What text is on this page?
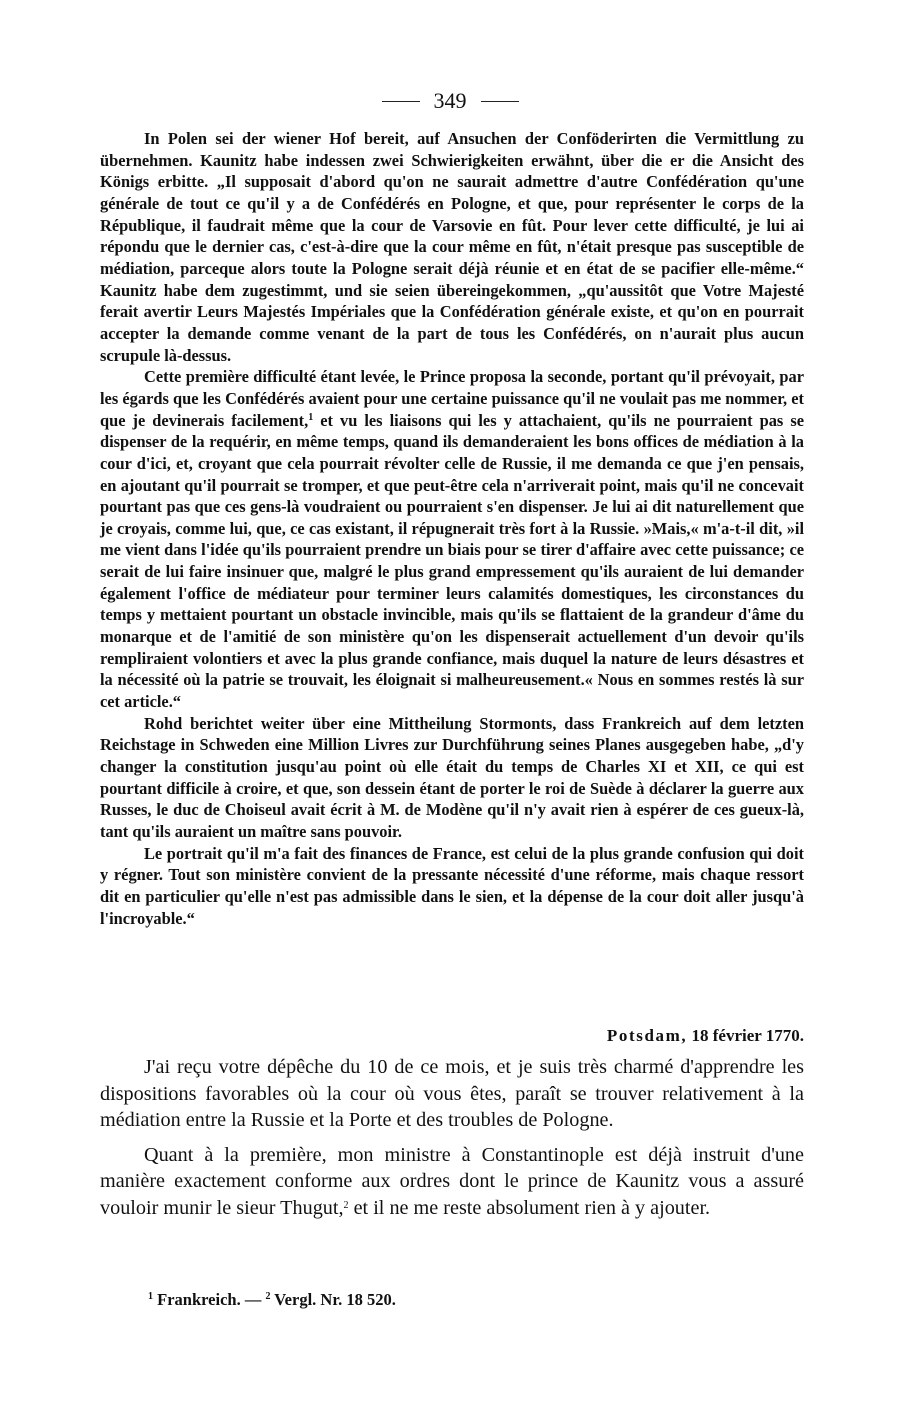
349

In Polen sei der wiener Hof bereit, auf Ansuchen der Conföderirten die Vermittlung zu übernehmen. Kaunitz habe indessen zwei Schwierigkeiten erwähnt, über die er die Ansicht des Königs erbitte. „Il supposait d'abord qu'on ne saurait admettre d'autre Confédération qu'une générale de tout ce qu'il y a de Confédérés en Pologne, et que, pour représenter le corps de la République, il faudrait même que la cour de Varsovie en fût. Pour lever cette difficulté, je lui ai répondu que le dernier cas, c'est-à-dire que la cour même en fût, n'était presque pas susceptible de médiation, parceque alors toute la Pologne serait déjà réunie et en état de se pacifier elle-même.“ Kaunitz habe dem zugestimmt, und sie seien übereingekommen, „qu'aussitôt que Votre Majesté ferait avertir Leurs Majestés Impériales que la Confédération générale existe, et qu'on en pourrait accepter la demande comme venant de la part de tous les Confédérés, on n'aurait plus aucun scrupule là-dessus.

Cette première difficulté étant levée, le Prince proposa la seconde, portant qu'il prévoyait, par les égards que les Confédérés avaient pour une certaine puissance qu'il ne voulait pas me nommer, et que je devinerais facilement,$^1$ et vu les liaisons qui les y attachaient, qu'ils ne pourraient pas se dispenser de la requérir, en même temps, quand ils demanderaient les bons offices de médiation à la cour d'ici, et, croyant que cela pourrait révolter celle de Russie, il me demanda ce que j'en pensais, en ajoutant qu'il pourrait se tromper, et que peut-être cela n'arriverait point, mais qu'il ne concevait pourtant pas que ces gens-là voudraient ou pourraient s'en dispenser. Je lui ai dit naturellement que je croyais, comme lui, que, ce cas existant, il répugnerait très fort à la Russie. »Mais,« m'a-t-il dit, »il me vient dans l'idée qu'ils pourraient prendre un biais pour se tirer d'affaire avec cette puissance; ce serait de lui faire insinuer que, malgré le plus grand empressement qu'ils auraient de lui demander également l'office de médiateur pour terminer leurs calamités domestiques, les circonstances du temps y mettaient pourtant un obstacle invincible, mais qu'ils se flattaient de la grandeur d'âme du monarque et de l'amitié de son ministère qu'on les dispenserait actuellement d'un devoir qu'ils rempliraient volontiers et avec la plus grande confiance, mais duquel la nature de leurs désastres et la nécessité où la patrie se trouvait, les éloignait si malheureusement.« Nous en sommes restés là sur cet article.“

Rohd berichtet weiter über eine Mittheilung Stormonts, dass Frankreich auf dem letzten Reichstage in Schweden eine Million Livres zur Durchführung seines Planes ausgegeben habe, „d'y changer la constitution jusqu'au point où elle était du temps de Charles XI et XII, ce qui est pourtant difficile à croire, et que, son dessein étant de porter le roi de Suède à déclarer la guerre aux Russes, le duc de Choiseul avait écrit à M. de Modène qu'il n'y avait rien à espérer de ces gueux-là, tant qu'ils auraient un maître sans pouvoir.

Le portrait qu'il m'a fait des finances de France, est celui de la plus grande confusion qui doit y régner. Tout son ministère convient de la pressante nécessité d'une réforme, mais chaque ressort dit en particulier qu'elle n'est pas admissible dans le sien, et la dépense de la cour doit aller jusqu'à l'incroyable.“

Potsdam, 18 février 1770.

J'ai reçu votre dépêche du 10 de ce mois, et je suis très charmé d'apprendre les dispositions favorables où la cour où vous êtes, paraît se trouver relativement à la médiation entre la Russie et la Porte et des troubles de Pologne.

Quant à la première, mon ministre à Constantinople est déjà instruit d'une manière exactement conforme aux ordres dont le prince de Kaunitz vous a assuré vouloir munir le sieur Thugut,$^2$ et il ne me reste absolument rien à y ajouter.

$^1$ Frankreich. — $^2$ Vergl. Nr. 18 520.
